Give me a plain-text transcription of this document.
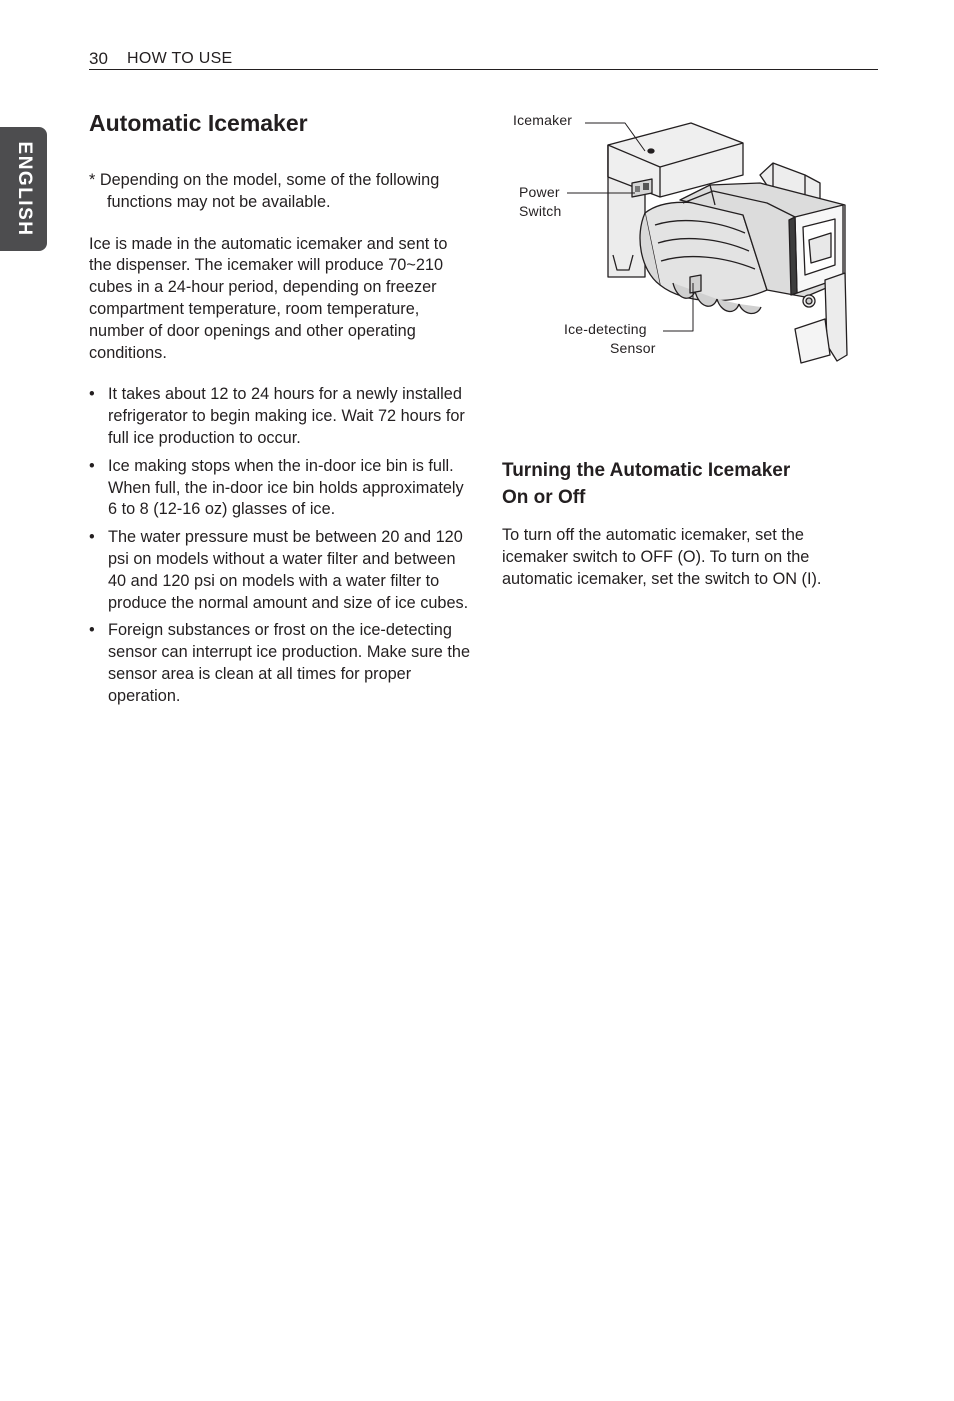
30 HOW TO USE
ENGLISH
Automatic Icemaker

* Depending on the model, some of the following functions may not be available.

Ice is made in the automatic icemaker and sent to the dispenser. The icemaker will produce 70~210 cubes in a 24-hour period, depending on freezer compartment temperature, room temperature, number of door openings and other operating conditions.

• It takes about 12 to 24 hours for a newly installed refrigerator to begin making ice. Wait 72 hours for full ice production to occur.
• Ice making stops when the in-door ice bin is full. When full, the in-door ice bin holds approximately 6 to 8 (12-16 oz) glasses of ice.
• The water pressure must be between 20 and 120 psi on models without a water filter and between 40 and 120 psi on models with a water filter to produce the normal amount and size of ice cubes.
• Foreign substances or frost on the ice-detecting sensor can interrupt ice production. Make sure the sensor area is clean at all times for proper operation.
Icemaker
Power
Switch
Ice-detecting
Sensor
Turning the Automatic Icemaker
On or Off

To turn off the automatic icemaker, set the icemaker switch to OFF (O). To turn on the automatic icemaker, set the switch to ON (I).
